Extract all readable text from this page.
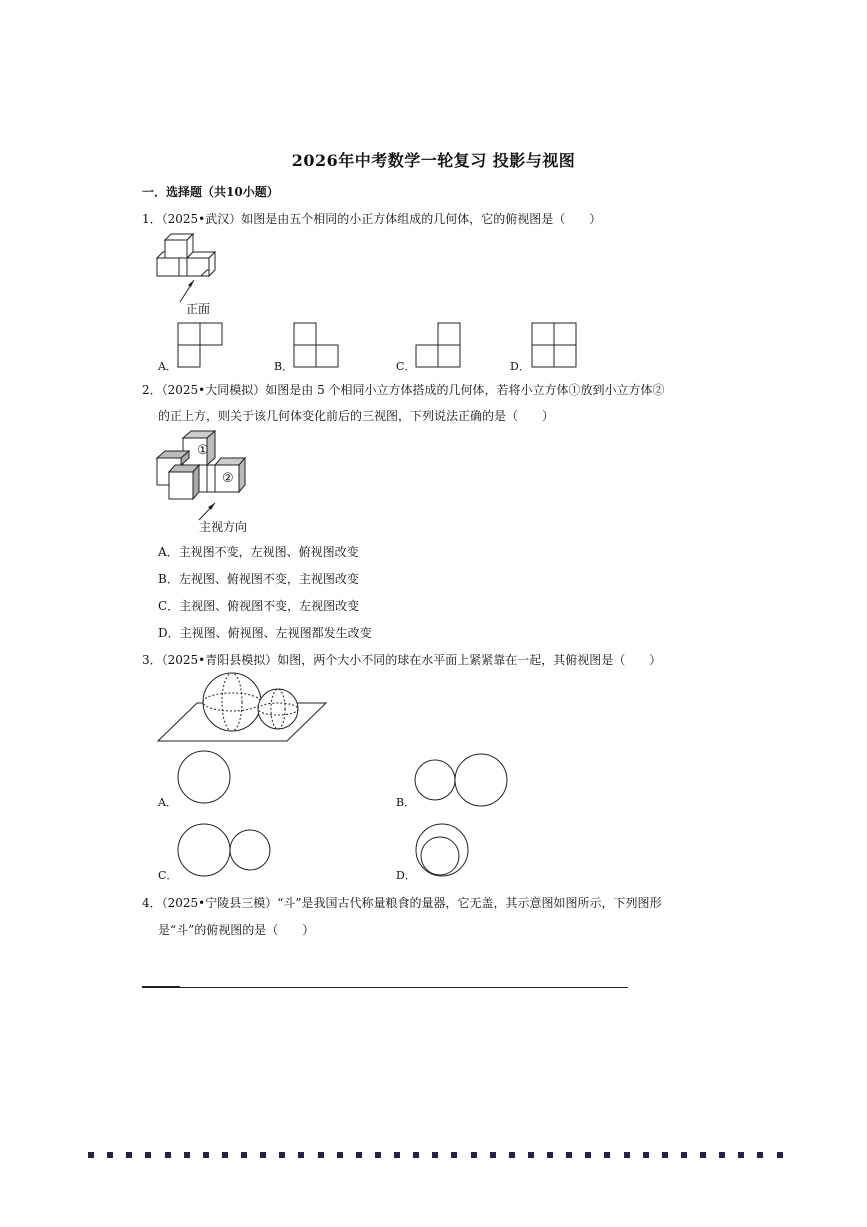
2026年中考数学一轮复习 投影与视图
一．选择题（共10小题）
1．（2025•武汉）如图是由五个相同的小正方体组成的几何体，它的俯视图是（　　）
正面
A．	B．	C．	D．
2．（2025•大同模拟）如图是由 5 个相同小立方体搭成的几何体，若将小立方体①放到小立方体②
的正上方，则关于该几何体变化前后的三视图，下列说法正确的是（　　）
①
②
主视方向
A．主视图不变，左视图、俯视图改变
B．左视图、俯视图不变，主视图改变
C．主视图、俯视图不变，左视图改变
D．主视图、俯视图、左视图都发生改变
3．（2025•青阳县模拟）如图，两个大小不同的球在水平面上紧紧靠在一起，其俯视图是（　　）
A．	B．
C．	D．
4．（2025•宁陵县三模）“斗”是我国古代称量粮食的量器，它无盖，其示意图如图所示，下列图形
是“斗”的俯视图的是（　　）
